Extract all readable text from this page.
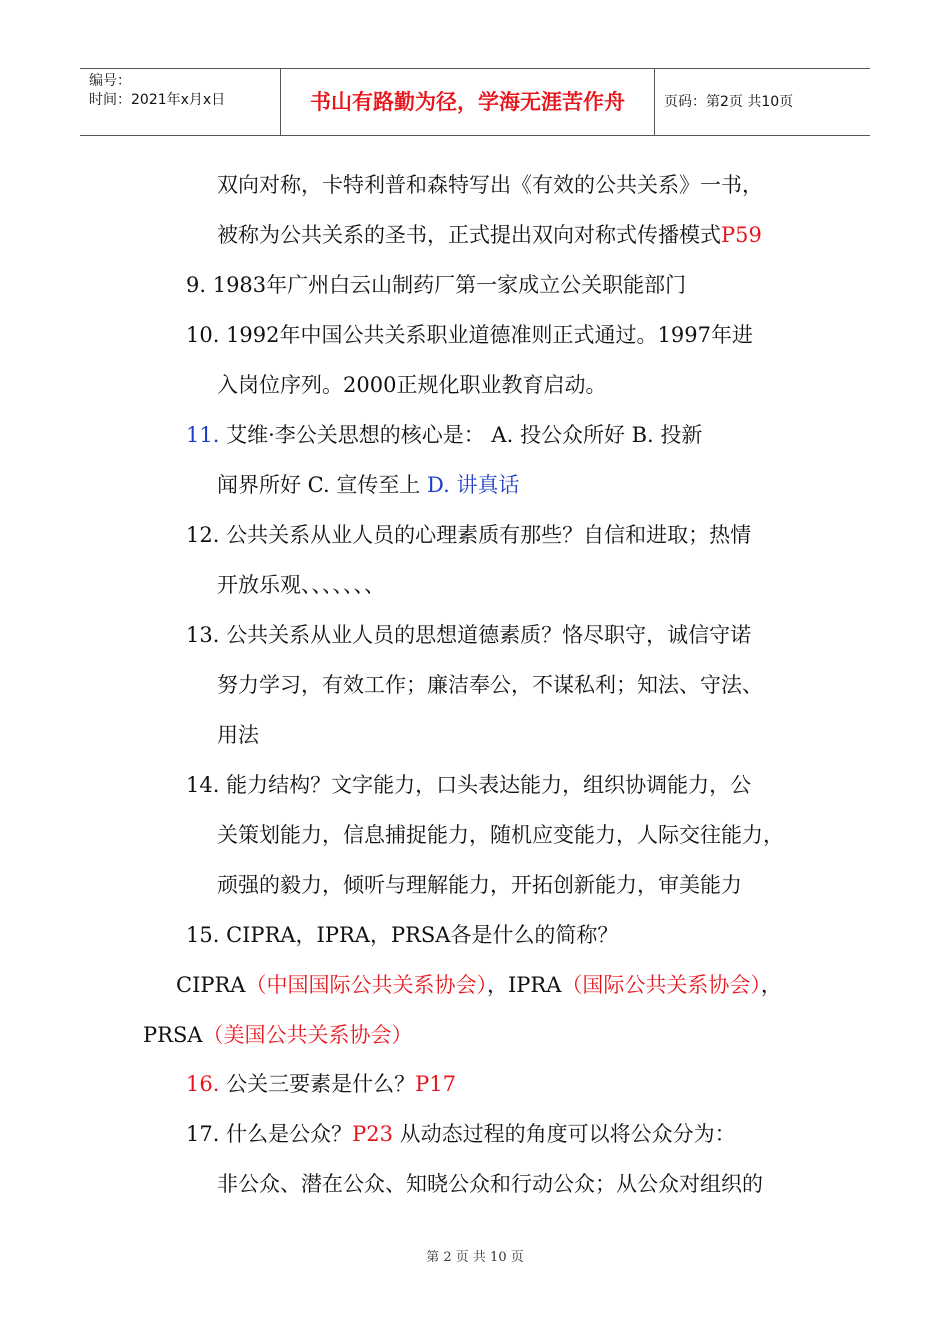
编号：
时间：2021年x月x日	书山有路勤为径，学海无涯苦作舟	页码：第2页 共10页
双向对称，卡特利普和森特写出《有效的公共关系》一书，
被称为公共关系的圣书，正式提出双向对称式传播模式P59
9. 1983年广州白云山制药厂第一家成立公关职能部门
10. 1992年中国公共关系职业道德准则正式通过。1997年进
入岗位序列。2000正规化职业教育启动。
11. 艾维·李公关思想的核心是： A. 投公众所好 B. 投新
闻界所好 C. 宣传至上 D. 讲真话
12. 公共关系从业人员的心理素质有那些？自信和进取；热情
开放乐观、、、、、、、
13. 公共关系从业人员的思想道德素质？恪尽职守，诚信守诺
努力学习，有效工作；廉洁奉公，不谋私利；知法、守法、
用法
14. 能力结构？文字能力，口头表达能力，组织协调能力，公
关策划能力，信息捕捉能力，随机应变能力，人际交往能力，
顽强的毅力，倾听与理解能力，开拓创新能力，审美能力
15. CIPRA，IPRA，PRSA各是什么的简称？
CIPRA（中国国际公共关系协会），IPRA（国际公共关系协会），
PRSA（美国公共关系协会）
16. 公关三要素是什么？P17
17. 什么是公众？P23 从动态过程的角度可以将公众分为：
非公众、潜在公众、知晓公众和行动公众；从公众对组织的
第 2 页 共 10 页
